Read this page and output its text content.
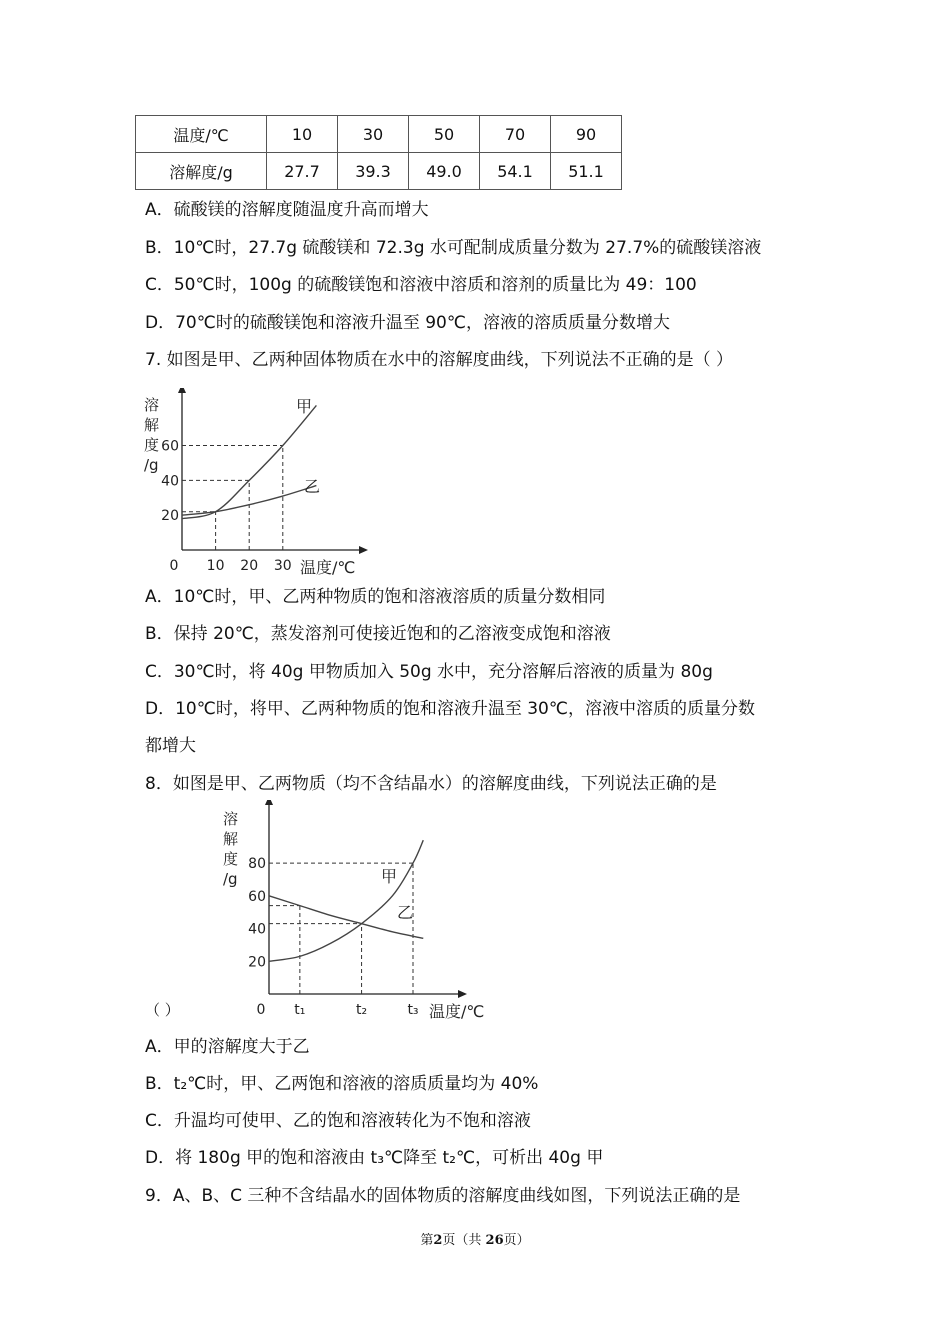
温度/℃	10	30	50	70	90
溶解度/g	27.7	39.3	49.0	54.1	51.1
A．硫酸镁的溶解度随温度升高而增大
B．10℃时，27.7g 硫酸镁和 72.3g 水可配制成质量分数为 27.7%的硫酸镁溶液
C．50℃时，100g 的硫酸镁饱和溶液中溶质和溶剂的质量比为 49：100
D．70℃时的硫酸镁饱和溶液升温至 90℃，溶液的溶质质量分数增大
7. 如图是甲、乙两种固体物质在水中的溶解度曲线，下列说法不正确的是（ ）
溶
解
度
/g
温度/℃
20
40
60
0 10 20 30
甲
乙
A．10℃时，甲、乙两种物质的饱和溶液溶质的质量分数相同
B．保持 20℃，蒸发溶剂可使接近饱和的乙溶液变成饱和溶液
C．30℃时，将 40g 甲物质加入 50g 水中，充分溶解后溶液的质量为 80g
D．10℃时，将甲、乙两种物质的饱和溶液升温至 30℃，溶液中溶质的质量分数
都增大
8．如图是甲、乙两物质（均不含结晶水）的溶解度曲线，下列说法正确的是
溶
解
度
/g
温度/℃
20
40
60
80
0 t₁	t₂	t₃
甲
乙
（ ）
A．甲的溶解度大于乙
B．t₂℃时，甲、乙两饱和溶液的溶质质量均为 40%
C．升温均可使甲、乙的饱和溶液转化为不饱和溶液
D．将 180g 甲的饱和溶液由 t₃℃降至 t₂℃，可析出 40g 甲
9．A、B、C 三种不含结晶水的固体物质的溶解度曲线如图，下列说法正确的是
第2页（共 26页）
